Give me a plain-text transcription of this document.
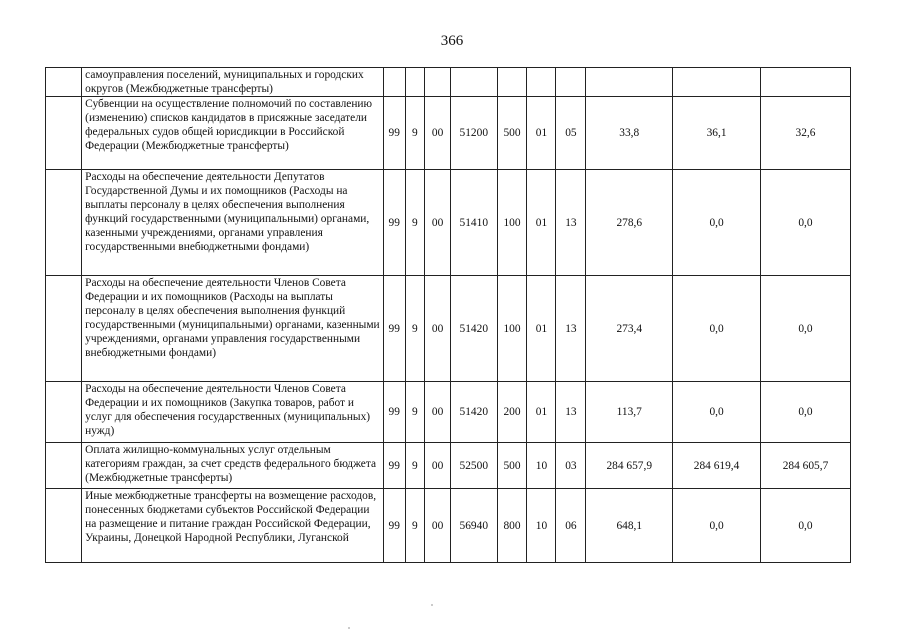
366
	самоуправления поселений, муниципальных и городских округов (Межбюджетные трансферты)										
	Субвенции на осуществление полномочий по составлению (изменению) списков кандидатов в присяжные заседатели федеральных судов общей юрисдикции в Российской Федерации (Межбюджетные трансферты)	99	9	00	51200	500	01	05	33,8	36,1	32,6
	Расходы на обеспечение деятельности Депутатов Государственной Думы и их помощников (Расходы на выплаты персоналу в целях обеспечения выполнения функций государственными (муниципальными) органами, казенными учреждениями, органами управления государственными внебюджетными фондами)	99	9	00	51410	100	01	13	278,6	0,0	0,0
	Расходы на обеспечение деятельности Членов Совета Федерации и их помощников (Расходы на выплаты персоналу в целях обеспечения выполнения функций государственными (муниципальными) органами, казенными учреждениями, органами управления государственными внебюджетными фондами)	99	9	00	51420	100	01	13	273,4	0,0	0,0
	Расходы на обеспечение деятельности Членов Совета Федерации и их помощников (Закупка товаров, работ и услуг для обеспечения государственных (муниципальных) нужд)	99	9	00	51420	200	01	13	113,7	0,0	0,0
	Оплата жилищно-коммунальных услуг отдельным категориям граждан, за счет средств федерального бюджета (Межбюджетные трансферты)	99	9	00	52500	500	10	03	284 657,9	284 619,4	284 605,7
	Иные межбюджетные трансферты на возмещение расходов, понесенных бюджетами субъектов Российской Федерации на размещение и питание граждан Российской Федерации, Украины, Донецкой Народной Республики, Луганской	99	9	00	56940	800	10	06	648,1	0,0	0,0
